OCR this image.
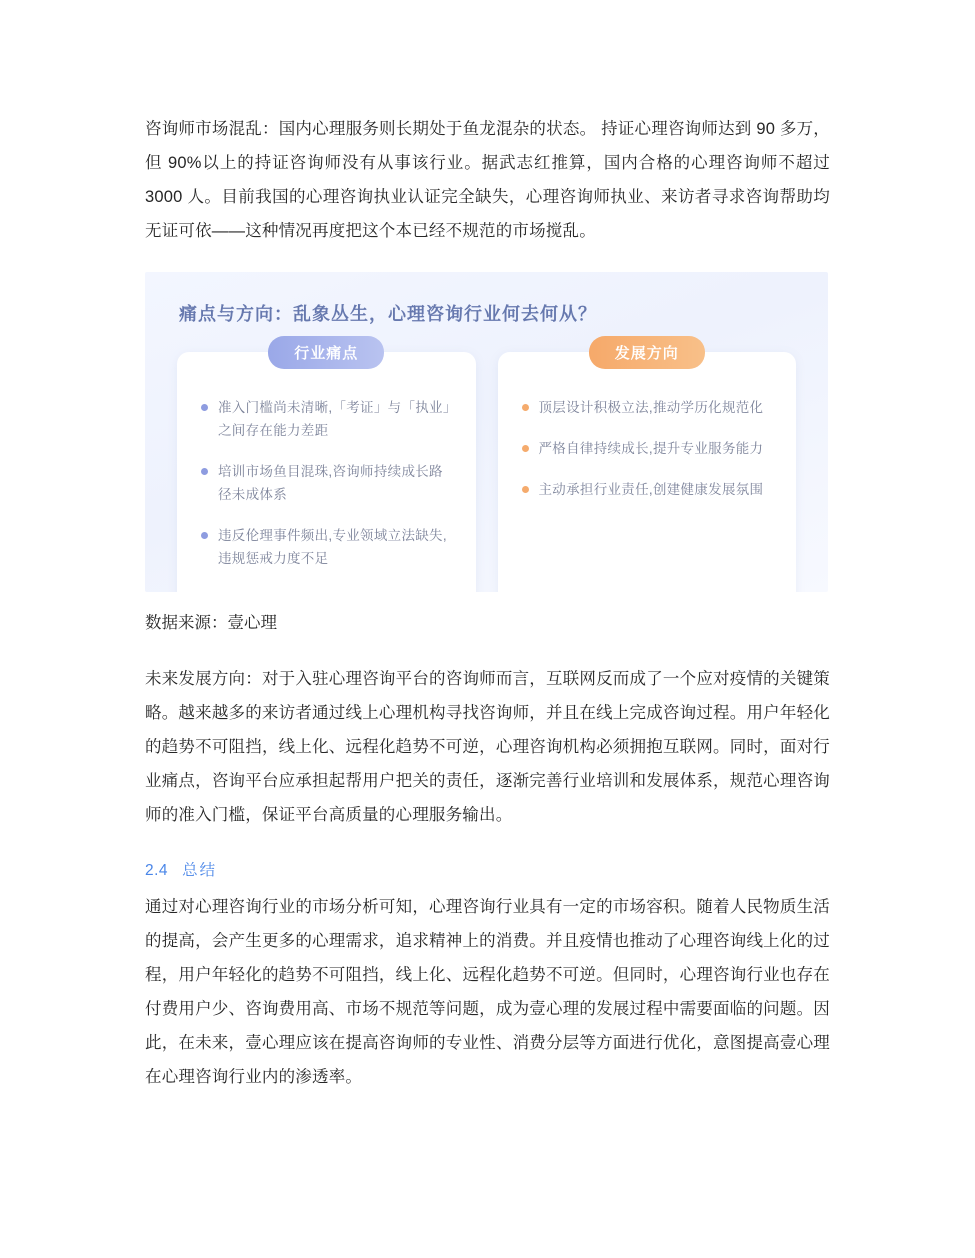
咨询师市场混乱：国内心理服务则长期处于鱼龙混杂的状态。 持证心理咨询师达到 90 多万，但 90%以上的持证咨询师没有从事该行业。据武志红推算，国内合格的心理咨询师不超过 3000 人。目前我国的心理咨询执业认证完全缺失，心理咨询师执业、来访者寻求咨询帮助均无证可依——这种情况再度把这个本已经不规范的市场搅乱。

痛点与方向：乱象丛生，心理咨询行业何去何从？
行业痛点
准入门槛尚未清晰,「考证」与「执业」之间存在能力差距
培训市场鱼目混珠,咨询师持续成长路径未成体系
违反伦理事件频出,专业领域立法缺失,违规惩戒力度不足
发展方向
顶层设计积极立法,推动学历化规范化
严格自律持续成长,提升专业服务能力
主动承担行业责任,创建健康发展氛围

数据来源：壹心理

未来发展方向：对于入驻心理咨询平台的咨询师而言，互联网反而成了一个应对疫情的关键策略。越来越多的来访者通过线上心理机构寻找咨询师，并且在线上完成咨询过程。用户年轻化的趋势不可阻挡，线上化、远程化趋势不可逆，心理咨询机构必须拥抱互联网。同时，面对行业痛点，咨询平台应承担起帮用户把关的责任，逐渐完善行业培训和发展体系，规范心理咨询师的准入门槛，保证平台高质量的心理服务输出。

2.4 总结

通过对心理咨询行业的市场分析可知，心理咨询行业具有一定的市场容积。随着人民物质生活的提高，会产生更多的心理需求，追求精神上的消费。并且疫情也推动了心理咨询线上化的过程，用户年轻化的趋势不可阻挡，线上化、远程化趋势不可逆。但同时，心理咨询行业也存在付费用户少、咨询费用高、市场不规范等问题，成为壹心理的发展过程中需要面临的问题。因此，在未来，壹心理应该在提高咨询师的专业性、消费分层等方面进行优化，意图提高壹心理在心理咨询行业内的渗透率。
